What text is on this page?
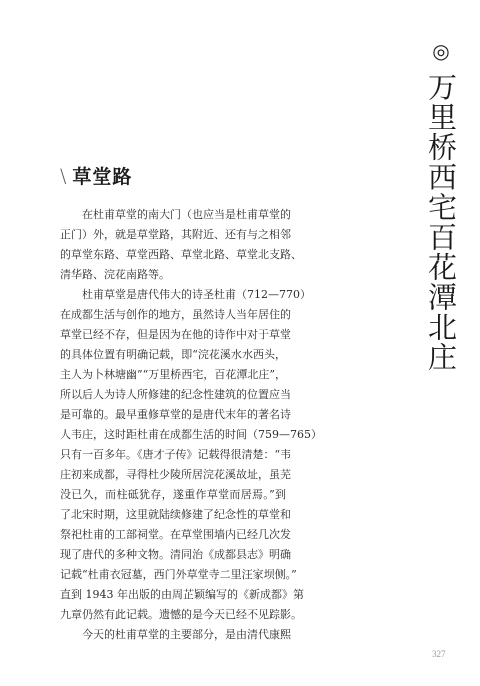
◎
万里桥西宅百花潭北庄
\ 草堂路
在杜甫草堂的南大门（也应当是杜甫草堂的
正门）外，就是草堂路，其附近、还有与之相邻
的草堂东路、草堂西路、草堂北路、草堂北支路、
清华路、浣花南路等。
杜甫草堂是唐代伟大的诗圣杜甫（712—770）
在成都生活与创作的地方，虽然诗人当年居住的
草堂已经不存，但是因为在他的诗作中对于草堂
的具体位置有明确记载，即“浣花溪水水西头，
主人为卜林塘幽”“万里桥西宅，百花潭北庄”，
所以后人为诗人所修建的纪念性建筑的位置应当
是可靠的。最早重修草堂的是唐代末年的著名诗
人韦庄，这时距杜甫在成都生活的时间（759—765）
只有一百多年。《唐才子传》记载得很清楚：“韦
庄初来成都，寻得杜少陵所居浣花溪故址，虽芜
没已久，而柱砥犹存，遂重作草堂而居焉。”到
了北宋时期，这里就陆续修建了纪念性的草堂和
祭祀杜甫的工部祠堂。在草堂围墙内已经几次发
现了唐代的多种文物。清同治《成都县志》明确
记载“杜甫衣冠墓，西门外草堂寺二里汪家坝侧。”
直到 1943 年出版的由周芷颖编写的《新成都》第
九章仍然有此记载。遗憾的是今天已经不见踪影。
今天的杜甫草堂的主要部分，是由清代康熙
327
